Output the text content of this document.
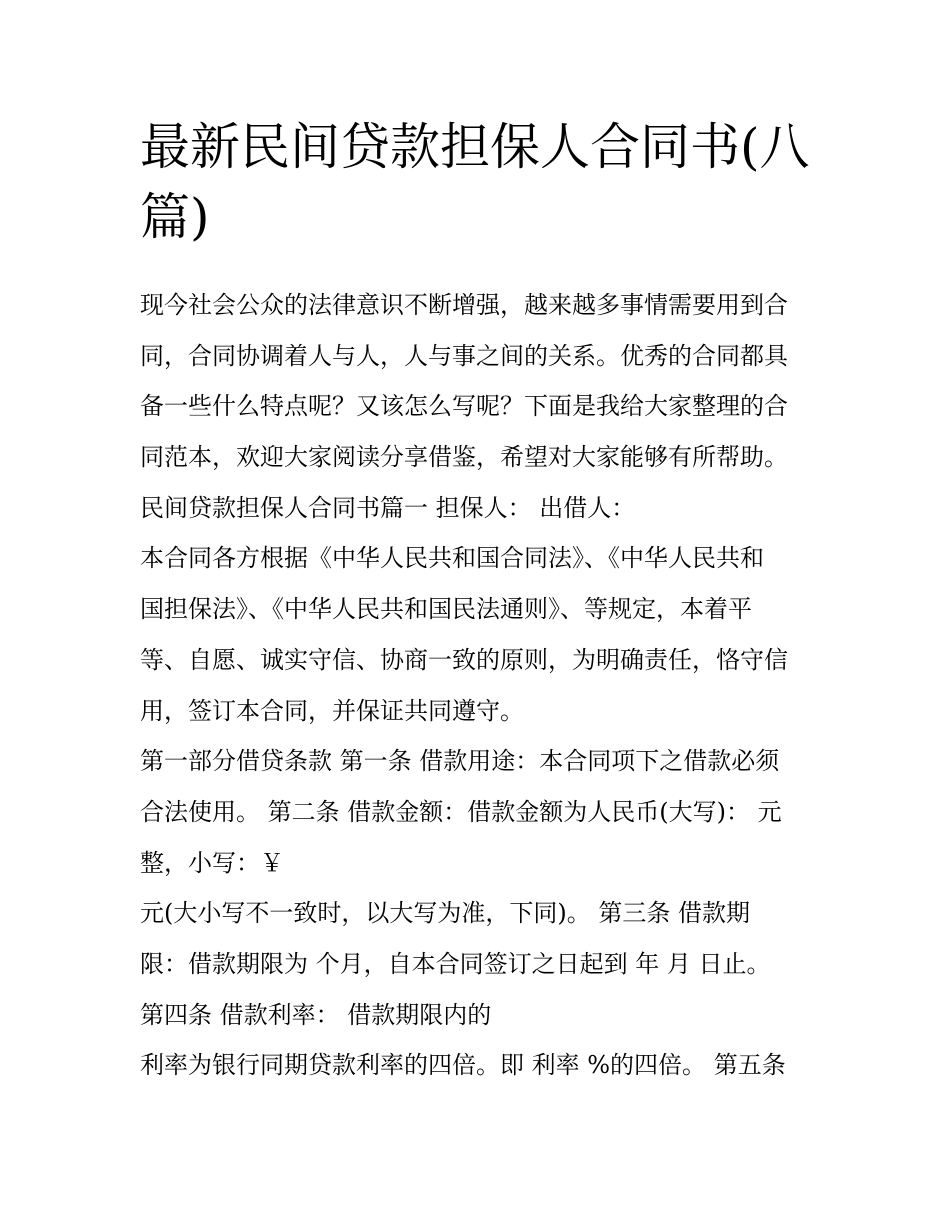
最新民间贷款担保人合同书(八
篇)
现今社会公众的法律意识不断增强，越来越多事情需要用到合
同，合同协调着人与人，人与事之间的关系。优秀的合同都具
备一些什么特点呢？又该怎么写呢？下面是我给大家整理的合
同范本，欢迎大家阅读分享借鉴，希望对大家能够有所帮助。
民间贷款担保人合同书篇一 担保人： 出借人：
本合同各方根据《中华人民共和国合同法》、《中华人民共和
国担保法》、《中华人民共和国民法通则》、等规定，本着平
等、自愿、诚实守信、协商一致的原则，为明确责任，恪守信
用，签订本合同，并保证共同遵守。
第一部分借贷条款 第一条 借款用途：本合同项下之借款必须
合法使用。 第二条 借款金额：借款金额为人民币(大写)： 元
整，小写：￥
元(大小写不一致时，以大写为准，下同)。 第三条 借款期
限：借款期限为 个月，自本合同签订之日起到 年 月 日止。
第四条 借款利率： 借款期限内的
利率为银行同期贷款利率的四倍。即 利率 %的四倍。 第五条
